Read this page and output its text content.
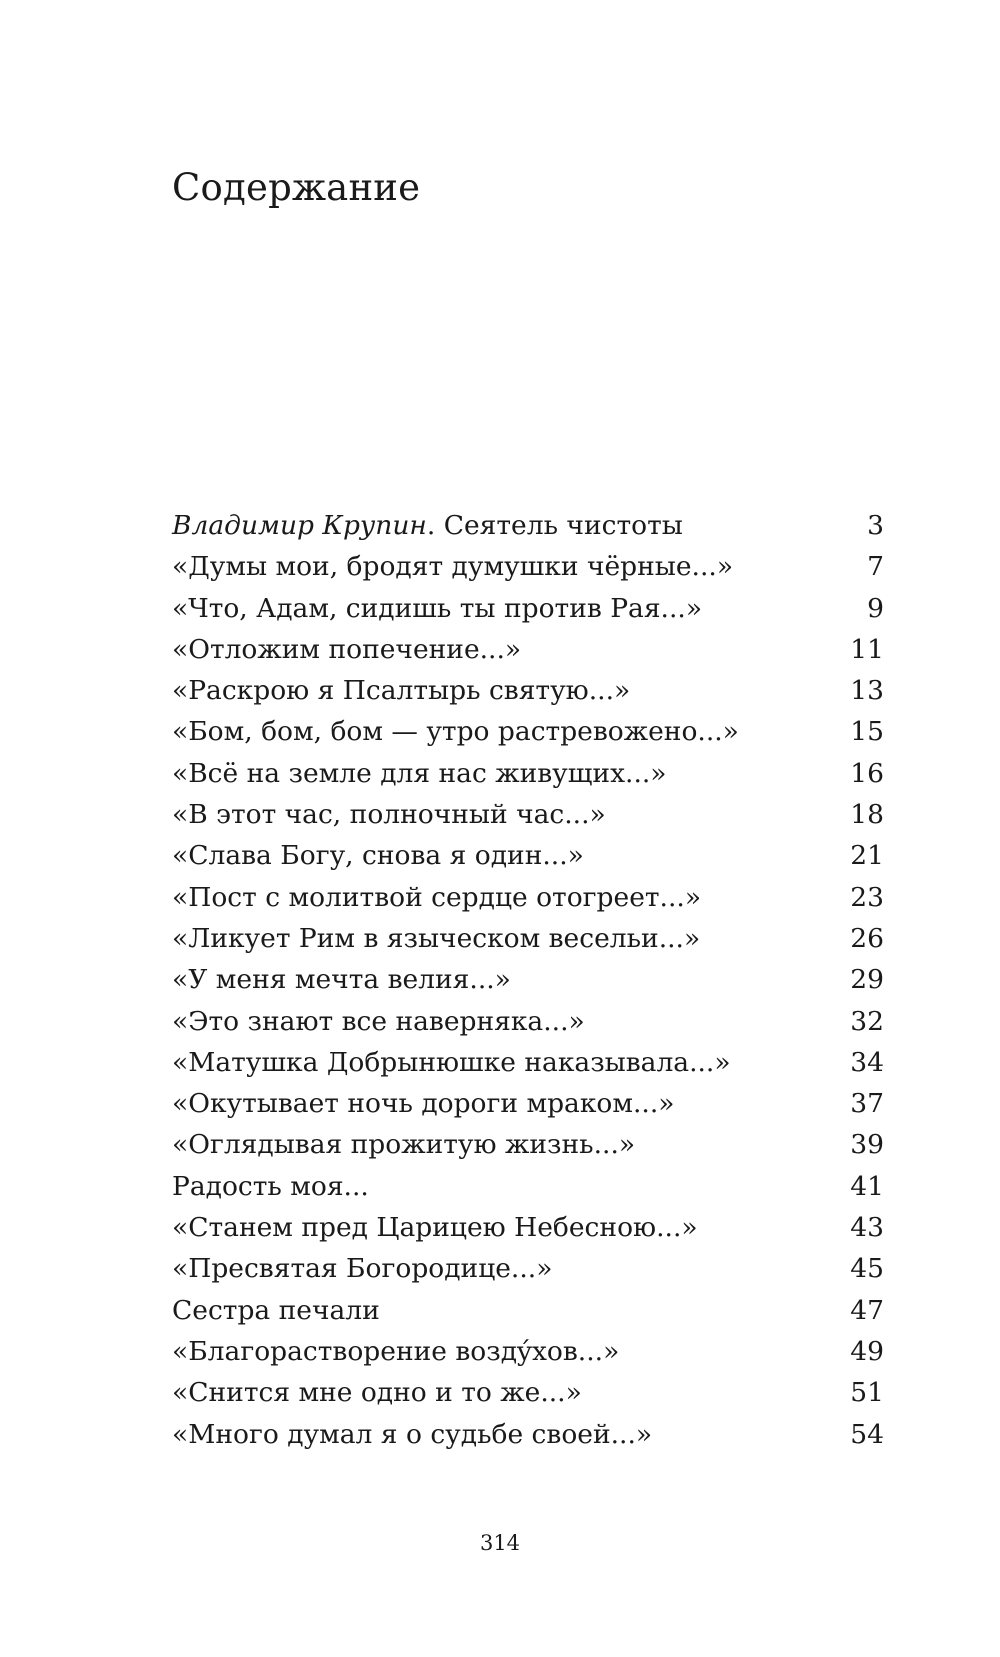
Содержание
Владимир Крупин. Сеятель чистоты	3
«Думы мои, бродят думушки чёрные...»	7
«Что, Адам, сидишь ты против Рая...»	9
«Отложим попечение...»	11
«Раскрою я Псалтырь святую...»	13
«Бом, бом, бом — утро растревожено...»	15
«Всё на земле для нас живущих...»	16
«В этот час, полночный час...»	18
«Слава Богу, снова я один...»	21
«Пост с молитвой сердце отогреет...»	23
«Ликует Рим в языческом весельи...»	26
«У меня мечта велия...»	29
«Это знают все наверняка...»	32
«Матушка Добрынюшке наказывала...»	34
«Окутывает ночь дороги мраком...»	37
«Оглядывая прожитую жизнь...»	39
Радость моя...	41
«Станем пред Царицею Небесною...»	43
«Пресвятая Богородице...»	45
Сестра печали	47
«Благорастворение воздýхов...»	49
«Снится мне одно и то же...»	51
«Много думал я о судьбе своей...»	54
314
